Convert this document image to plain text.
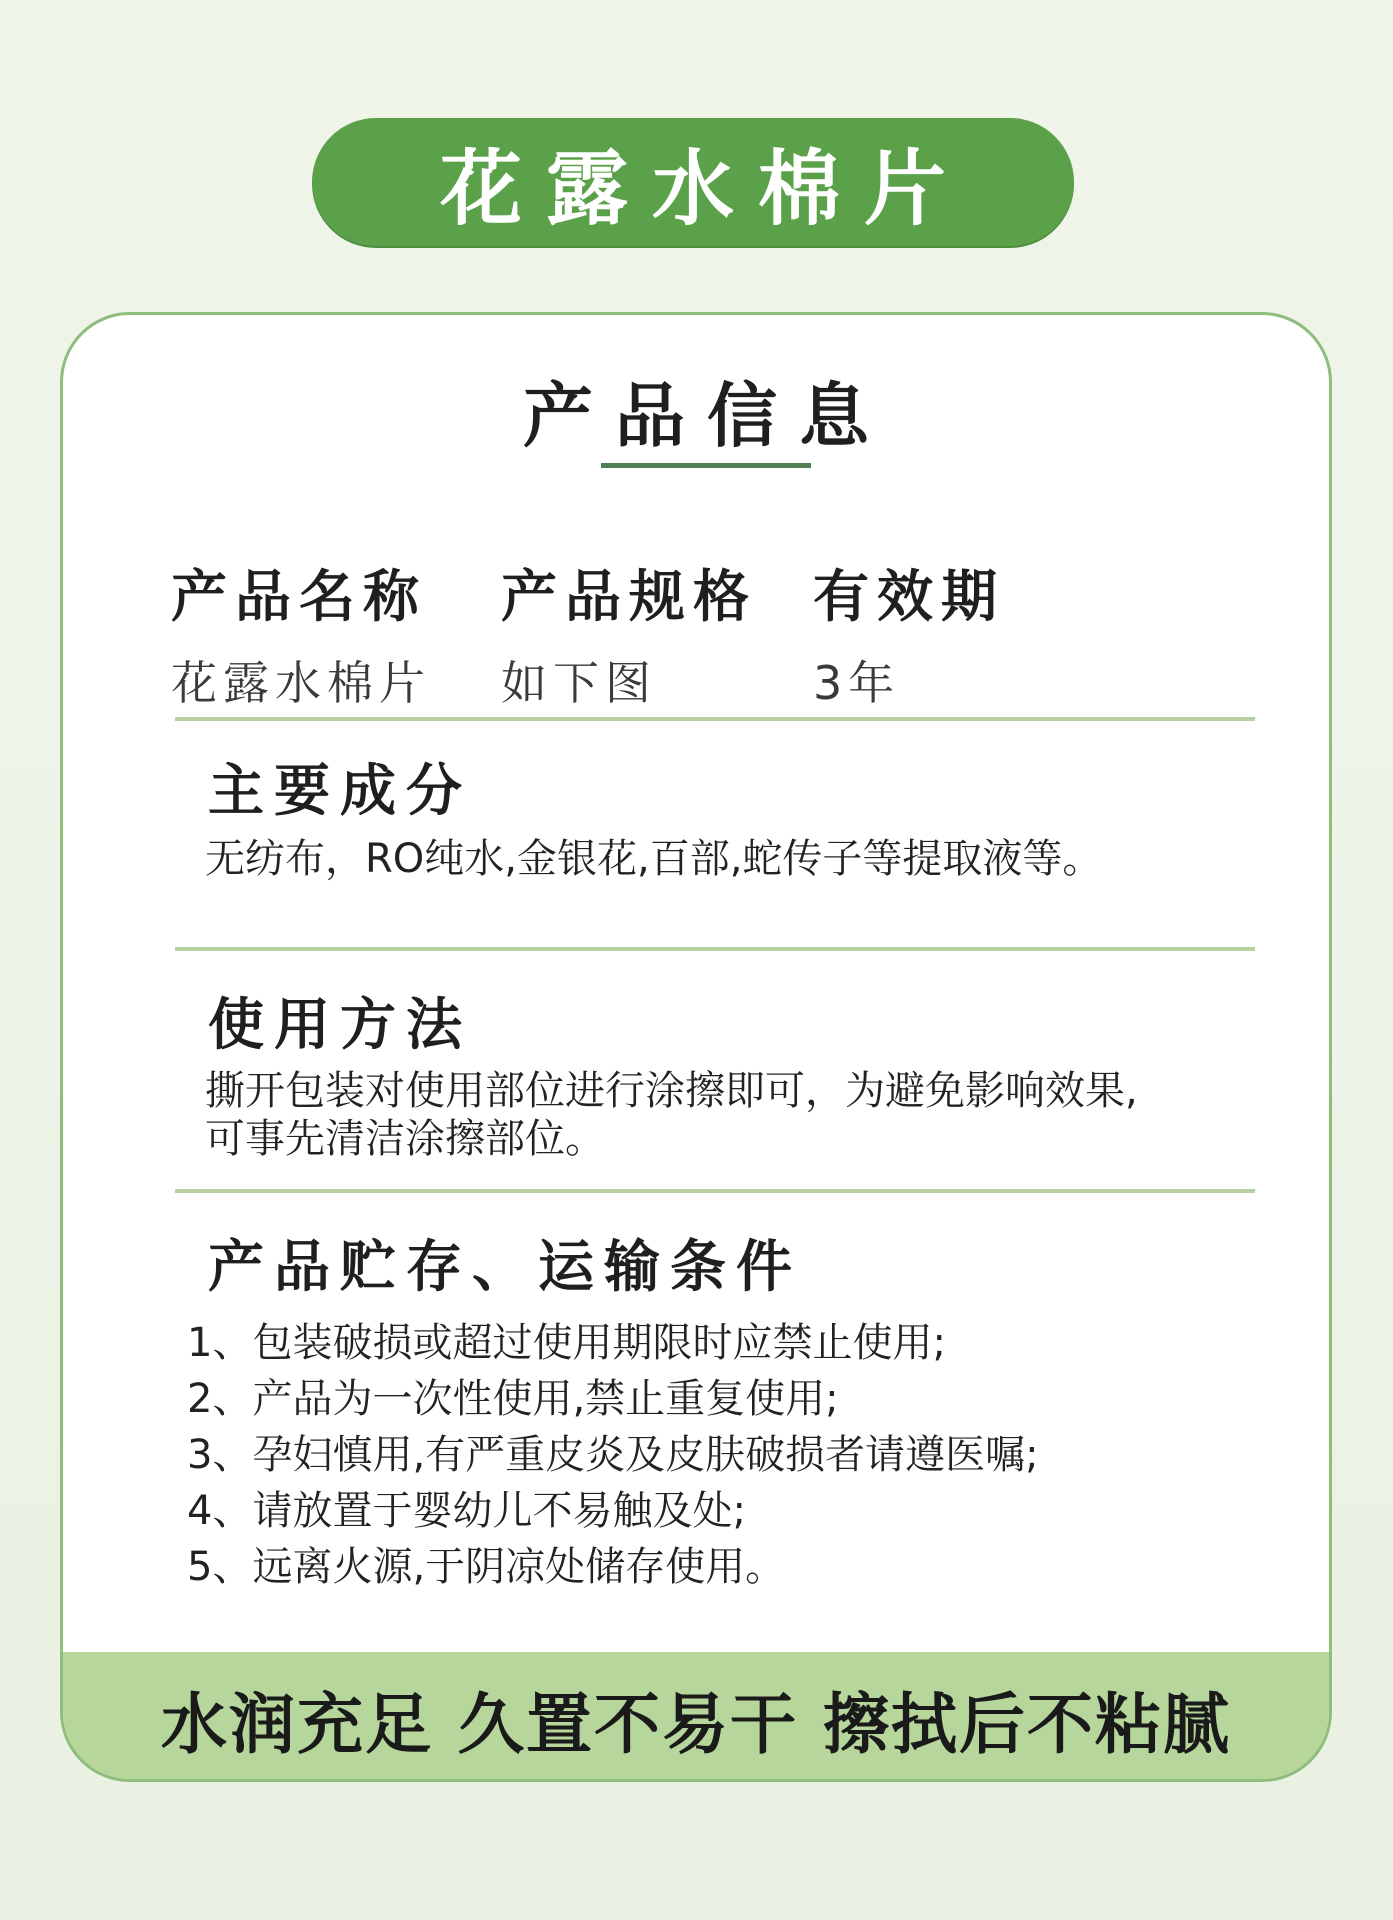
花露水棉片
产品信息
产品名称
花露水棉片
产品规格
如下图
有效期
3年
主要成分
无纺布，RO纯水,金银花,百部,蛇传子等提取液等。
使用方法
撕开包装对使用部位进行涂擦即可，为避免影响效果,
可事先清洁涂擦部位。
产品贮存、运输条件
1、包装破损或超过使用期限时应禁止使用;
2、产品为一次性使用,禁止重复使用;
3、孕妇慎用,有严重皮炎及皮肤破损者请遵医嘱;
4、请放置于婴幼儿不易触及处;
5、远离火源,于阴凉处储存使用。
水润充足 久置不易干 擦拭后不粘腻
